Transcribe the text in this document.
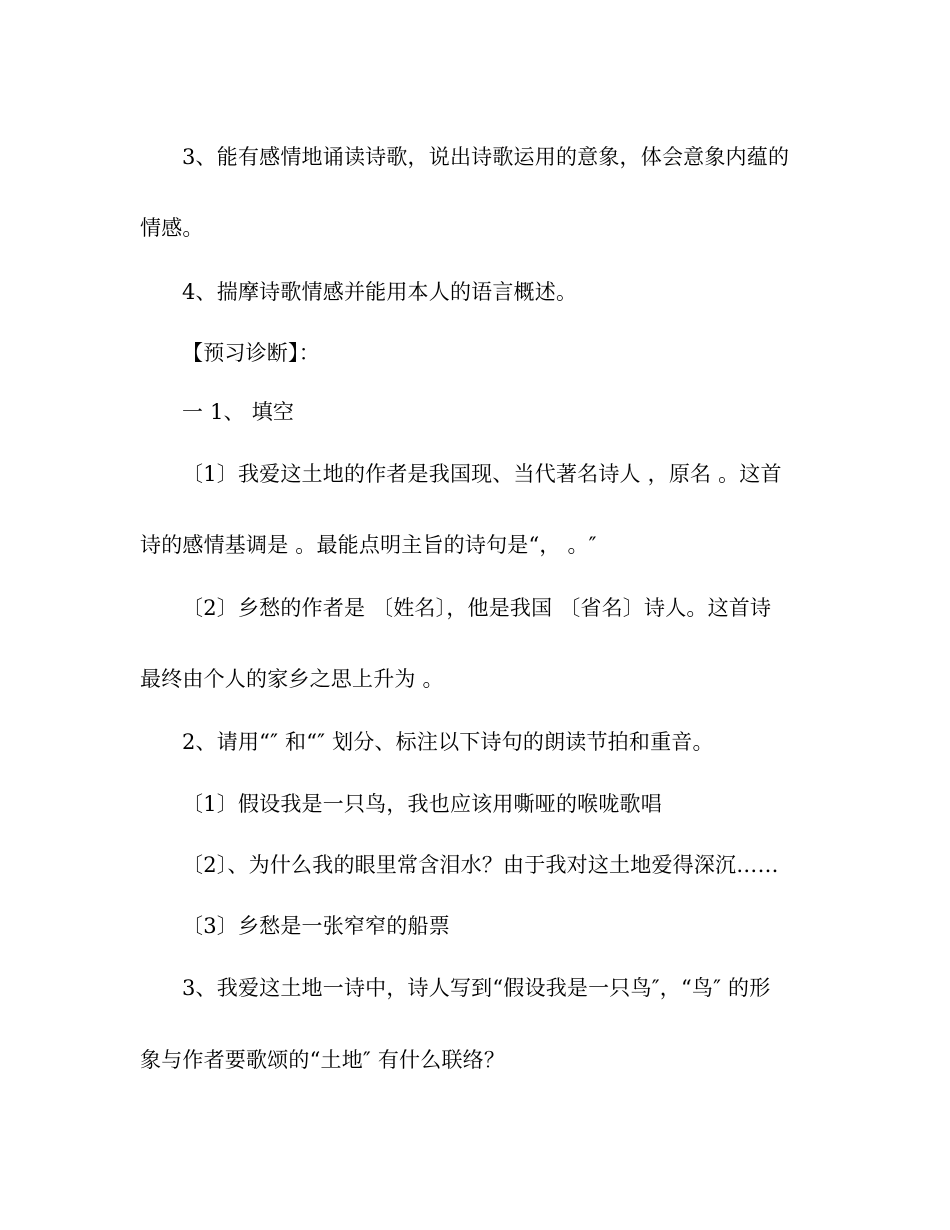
3、能有感情地诵读诗歌，说出诗歌运用的意象，体会意象内蕴的
情感。
4、揣摩诗歌情感并能用本人的语言概述。
【预习诊断】：
一 1、 填空
〔1〕我爱这土地的作者是我国现、当代著名诗人 ，原名 。这首
诗的感情基调是 。最能点明主旨的诗句是“， 。″
〔2〕乡愁的作者是 〔姓名〕，他是我国 〔省名〕诗人。这首诗
最终由个人的家乡之思上升为 。
2、请用“″ 和“″ 划分、标注以下诗句的朗读节拍和重音。
〔1〕假设我是一只鸟，我也应该用嘶哑的喉咙歌唱
〔2〕、为什么我的眼里常含泪水？由于我对这土地爱得深沉……
〔3〕乡愁是一张窄窄的船票
3、我爱这土地一诗中，诗人写到“假设我是一只鸟″，“鸟″ 的形
象与作者要歌颂的“土地″ 有什么联络？
